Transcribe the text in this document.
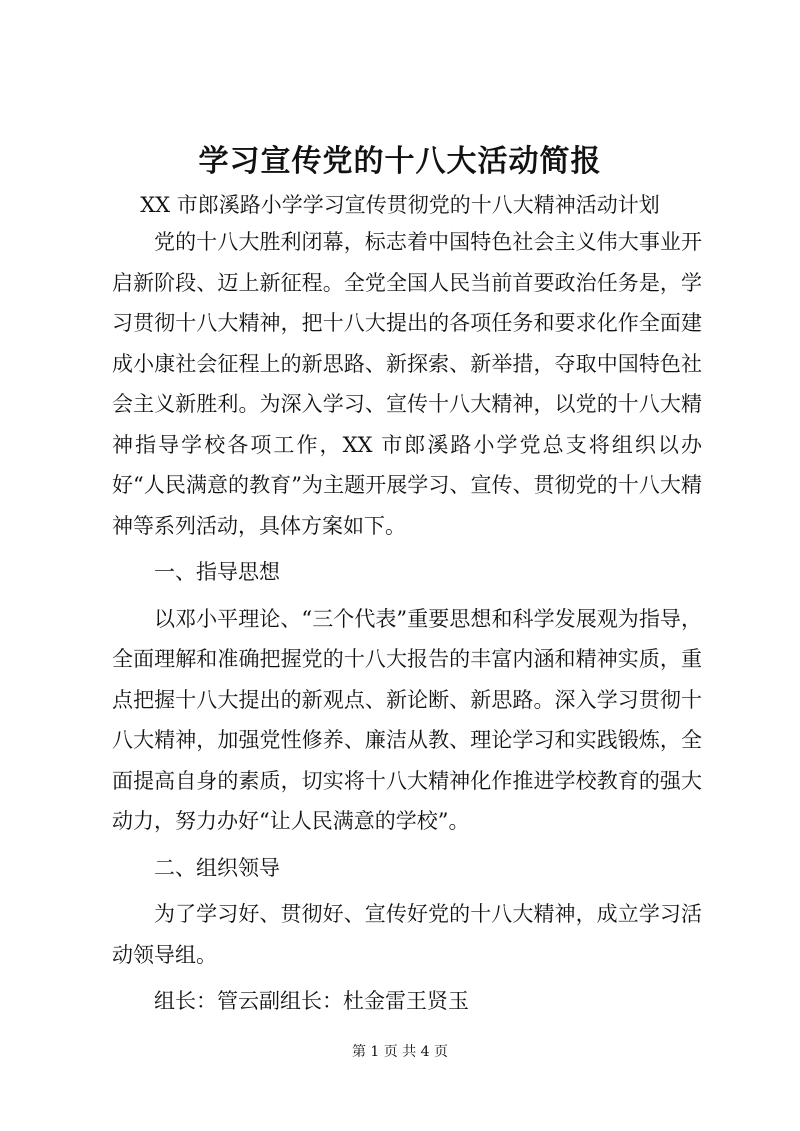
学习宣传党的十八大活动简报
XX 市郎溪路小学学习宣传贯彻党的十八大精神活动计划

党的十八大胜利闭幕，标志着中国特色社会主义伟大事业开启新阶段、迈上新征程。全党全国人民当前首要政治任务是，学习贯彻十八大精神，把十八大提出的各项任务和要求化作全面建成小康社会征程上的新思路、新探索、新举措，夺取中国特色社会主义新胜利。为深入学习、宣传十八大精神，以党的十八大精神指导学校各项工作，XX 市郎溪路小学党总支将组织以办好“人民满意的教育”为主题开展学习、宣传、贯彻党的十八大精神等系列活动，具体方案如下。

一、指导思想

以邓小平理论、“三个代表”重要思想和科学发展观为指导，全面理解和准确把握党的十八大报告的丰富内涵和精神实质，重点把握十八大提出的新观点、新论断、新思路。深入学习贯彻十八大精神，加强党性修养、廉洁从教、理论学习和实践锻炼，全面提高自身的素质，切实将十八大精神化作推进学校教育的强大动力，努力办好“让人民满意的学校”。

二、组织领导

为了学习好、贯彻好、宣传好党的十八大精神，成立学习活动领导组。

组长：管云副组长：杜金雷王贤玉

第 1 页 共 4 页
